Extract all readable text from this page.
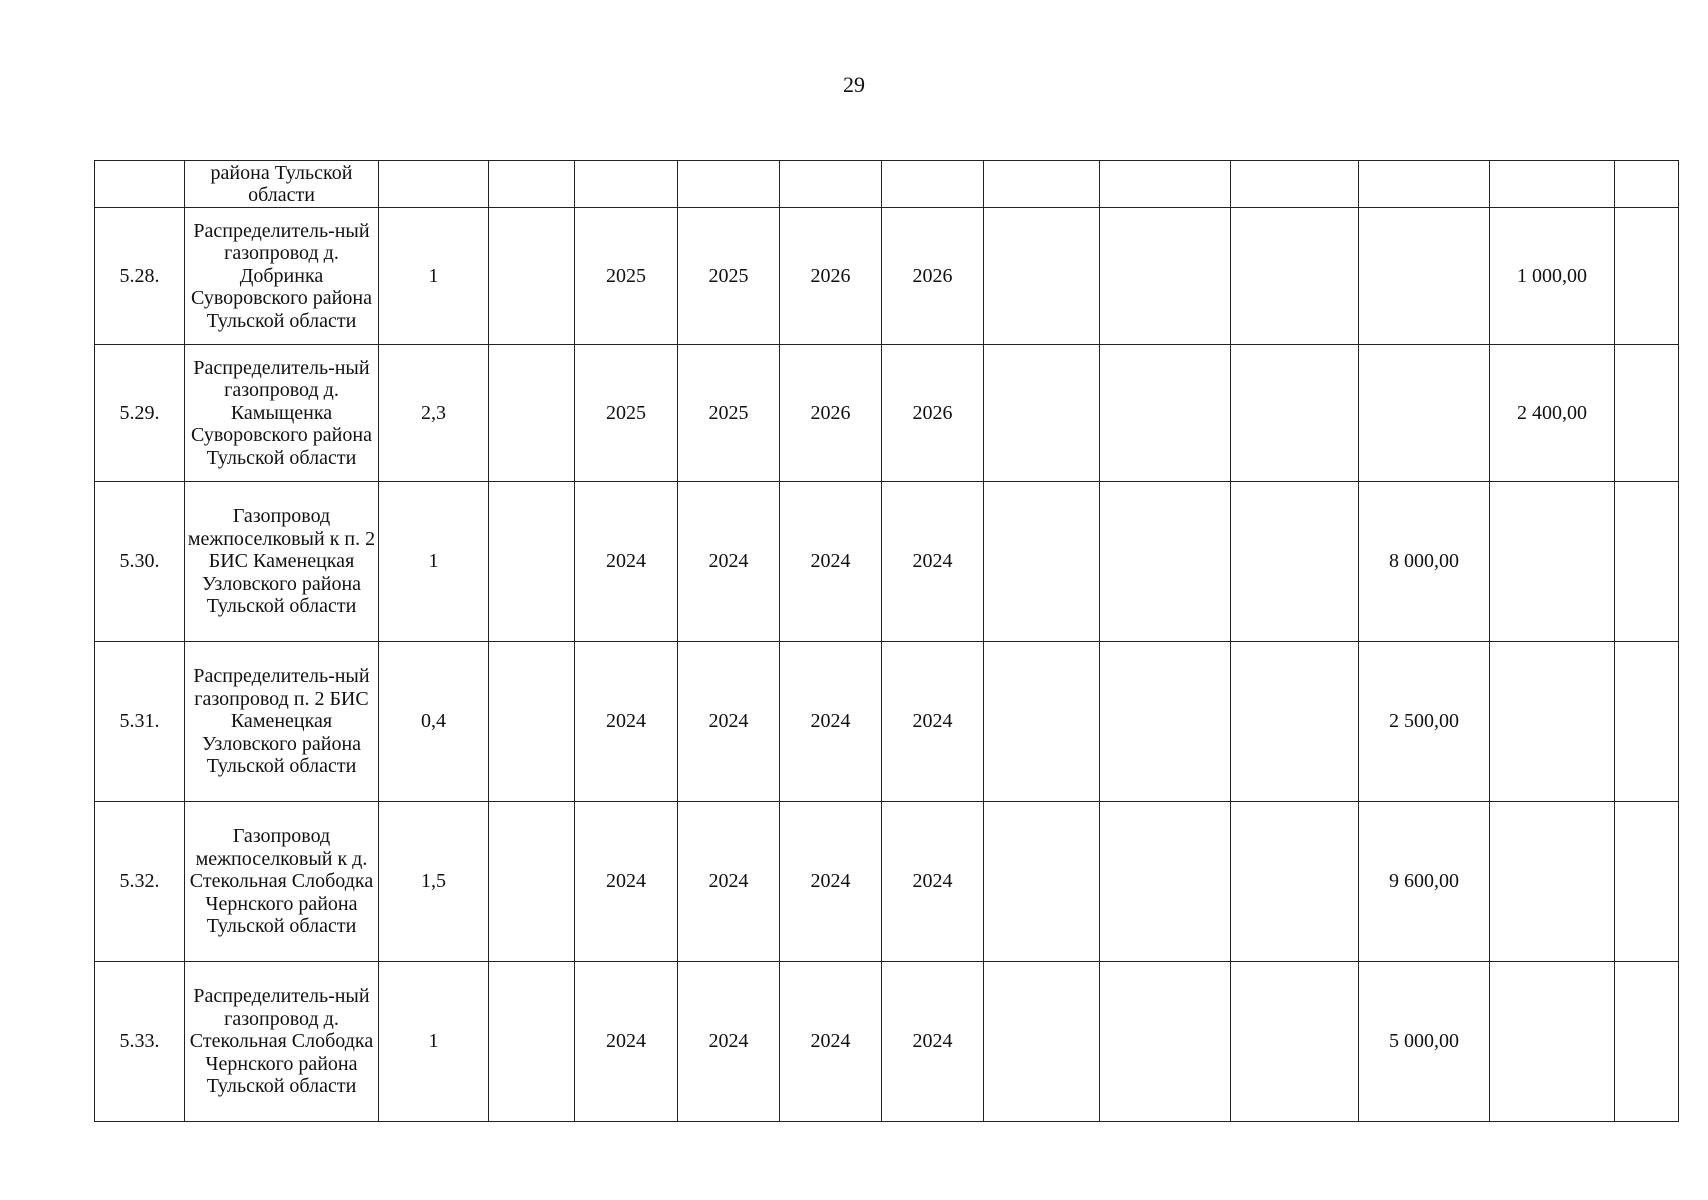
29
	района Тульской области												
5.28.	Распределитель-ный газопровод д. Добринка Суворовского района Тульской области	1		2025	2025	2026	2026					1 000,00	
5.29.	Распределитель-ный газопровод д. Камыщенка Суворовского района Тульской области	2,3		2025	2025	2026	2026					2 400,00	
5.30.	Газопровод межпоселковый к п. 2 БИС Каменецкая Узловского района Тульской области	1		2024	2024	2024	2024				8 000,00		
5.31.	Распределитель-ный газопровод п. 2 БИС Каменецкая Узловского района Тульской области	0,4		2024	2024	2024	2024				2 500,00		
5.32.	Газопровод межпоселковый к д. Стекольная Слободка Чернского района Тульской области	1,5		2024	2024	2024	2024				9 600,00		
5.33.	Распределитель-ный газопровод д. Стекольная Слободка Чернского района Тульской области	1		2024	2024	2024	2024				5 000,00		
